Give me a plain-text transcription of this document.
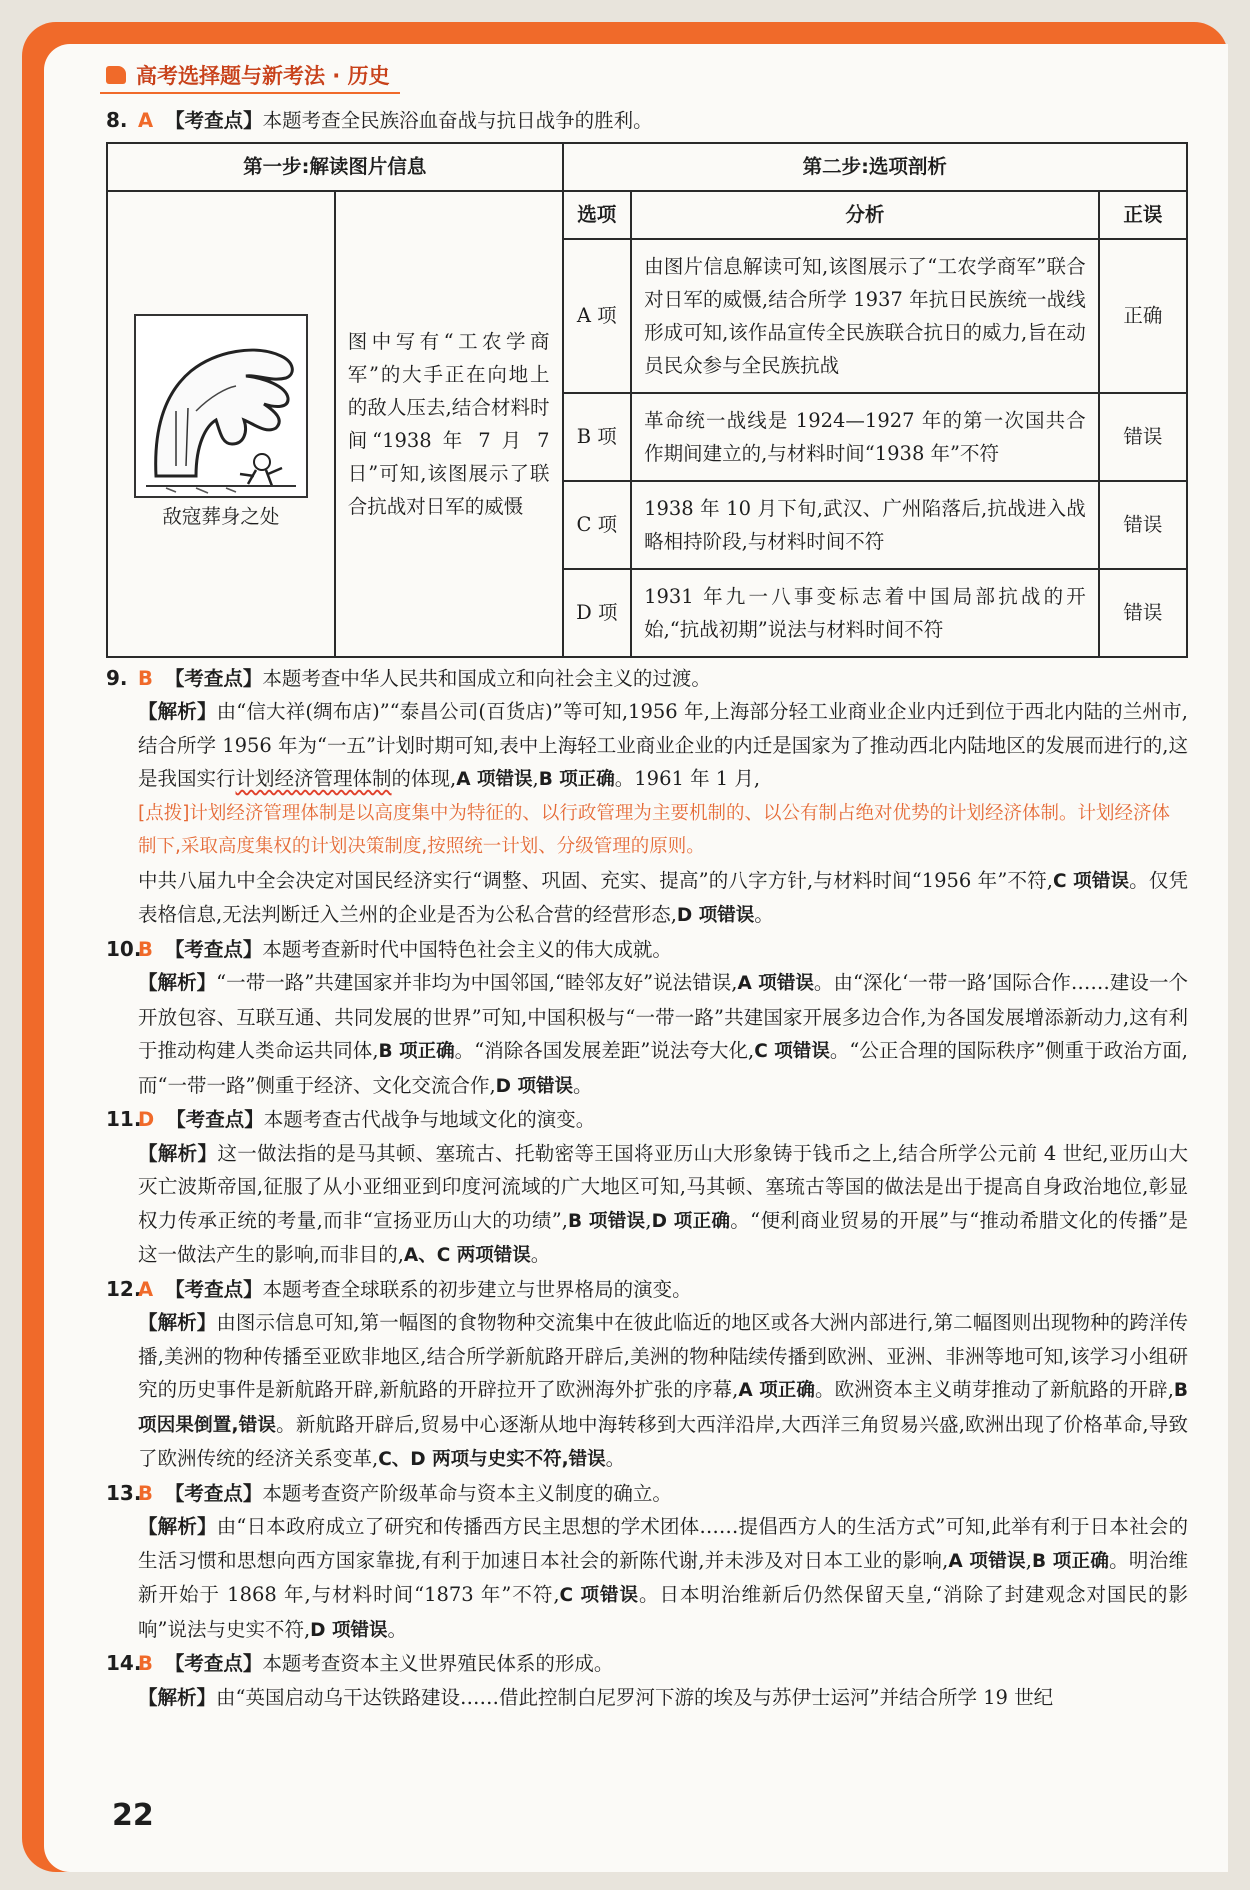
高考选择题与新考法 · 历史

8. A 【考查点】本题考查全民族浴血奋战与抗日战争的胜利。

第一步:解读图片信息		第二步:选项剖析		

敌寇葬身之处	图中写有“工农学商军”的大手正在向地上的敌人压去,结合材料时间“1938 年 7 月 7 日”可知,该图展示了联合抗战对日军的威慑	选项	分析	正误
		A 项	由图片信息解读可知,该图展示了“工农学商军”联合对日军的威慑,结合所学 1937 年抗日民族统一战线形成可知,该作品宣传全民族联合抗日的威力,旨在动员民众参与全民族抗战	正确
		B 项	革命统一战线是 1924—1927 年的第一次国共合作期间建立的,与材料时间“1938 年”不符	错误
		C 项	1938 年 10 月下旬,武汉、广州陷落后,抗战进入战略相持阶段,与材料时间不符	错误
		D 项	1931 年九一八事变标志着中国局部抗战的开始,“抗战初期”说法与材料时间不符	错误

9. B 【考查点】本题考查中华人民共和国成立和向社会主义的过渡。

【解析】由“信大祥(绸布店)”“泰昌公司(百货店)”等可知,1956 年,上海部分轻工业商业企业内迁到位于西北内陆的兰州市,结合所学 1956 年为“一五”计划时期可知,表中上海轻工业商业企业的内迁是国家为了推动西北内陆地区的发展而进行的,这是我国实行计划经济管理体制的体现,A 项错误,B 项正确。1961 年 1 月,

[点拨]计划经济管理体制是以高度集中为特征的、以行政管理为主要机制的、以公有制占绝对优势的计划经济体制。计划经济体制下,采取高度集权的计划决策制度,按照统一计划、分级管理的原则。

中共八届九中全会决定对国民经济实行“调整、巩固、充实、提高”的八字方针,与材料时间“1956 年”不符,C 项错误。仅凭表格信息,无法判断迁入兰州的企业是否为公私合营的经营形态,D 项错误。

10.B 【考查点】本题考查新时代中国特色社会主义的伟大成就。

【解析】“一带一路”共建国家并非均为中国邻国,“睦邻友好”说法错误,A 项错误。由“深化‘一带一路’国际合作……建设一个开放包容、互联互通、共同发展的世界”可知,中国积极与“一带一路”共建国家开展多边合作,为各国发展增添新动力,这有利于推动构建人类命运共同体,B 项正确。“消除各国发展差距”说法夸大化,C 项错误。“公正合理的国际秩序”侧重于政治方面,而“一带一路”侧重于经济、文化交流合作,D 项错误。

11.D 【考查点】本题考查古代战争与地域文化的演变。

【解析】这一做法指的是马其顿、塞琉古、托勒密等王国将亚历山大形象铸于钱币之上,结合所学公元前 4 世纪,亚历山大灭亡波斯帝国,征服了从小亚细亚到印度河流域的广大地区可知,马其顿、塞琉古等国的做法是出于提高自身政治地位,彰显权力传承正统的考量,而非“宣扬亚历山大的功绩”,B 项错误,D 项正确。“便利商业贸易的开展”与“推动希腊文化的传播”是这一做法产生的影响,而非目的,A、C 两项错误。

12.A 【考查点】本题考查全球联系的初步建立与世界格局的演变。

【解析】由图示信息可知,第一幅图的食物物种交流集中在彼此临近的地区或各大洲内部进行,第二幅图则出现物种的跨洋传播,美洲的物种传播至亚欧非地区,结合所学新航路开辟后,美洲的物种陆续传播到欧洲、亚洲、非洲等地可知,该学习小组研究的历史事件是新航路开辟,新航路的开辟拉开了欧洲海外扩张的序幕,A 项正确。欧洲资本主义萌芽推动了新航路的开辟,B 项因果倒置,错误。新航路开辟后,贸易中心逐渐从地中海转移到大西洋沿岸,大西洋三角贸易兴盛,欧洲出现了价格革命,导致了欧洲传统的经济关系变革,C、D 两项与史实不符,错误。

13.B 【考查点】本题考查资产阶级革命与资本主义制度的确立。

【解析】由“日本政府成立了研究和传播西方民主思想的学术团体……提倡西方人的生活方式”可知,此举有利于日本社会的生活习惯和思想向西方国家靠拢,有利于加速日本社会的新陈代谢,并未涉及对日本工业的影响,A 项错误,B 项正确。明治维新开始于 1868 年,与材料时间“1873 年”不符,C 项错误。日本明治维新后仍然保留天皇,“消除了封建观念对国民的影响”说法与史实不符,D 项错误。

14.B 【考查点】本题考查资本主义世界殖民体系的形成。

【解析】由“英国启动乌干达铁路建设……借此控制白尼罗河下游的埃及与苏伊士运河”并结合所学 19 世纪

22
